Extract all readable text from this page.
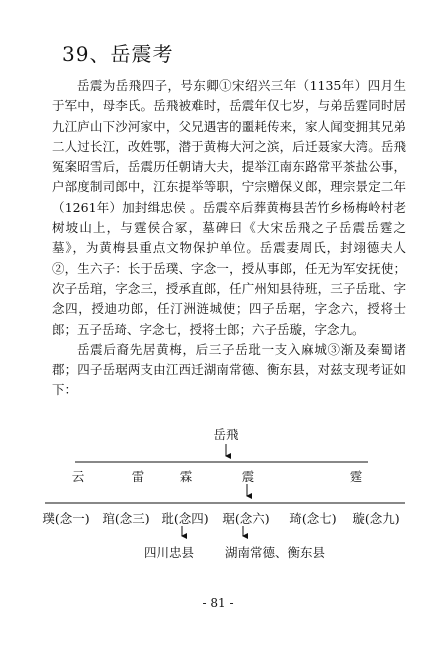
39、岳震考

岳震为岳飛四子，号东卿①宋绍兴三年（1135年）四月生于军中，母李氏。岳飛被难时，岳震年仅七岁，与弟岳霆同时居九江庐山下沙河家中，父兄遇害的噩耗传来，家人闻变拥其兄弟二人过长江，改姓鄂，潜于黄梅大河之滨，后迁聂家大湾。岳飛冤案昭雪后，岳震历任朝请大夫，提举江南东路常平茶盐公事，户部度制司郎中，江东提举等职，宁宗赠保义郎，理宗景定二年（1261年）加封缉忠侯 。岳震卒后葬黄梅县苦竹乡杨梅岭村老树坡山上，与霆侯合冢，墓碑曰《大宋岳飛之子岳震岳霆之墓》，为黄梅县重点文物保护单位。岳震妻周氏，封翊德夫人②，生六子：长于岳璞、字念一，授从事郎，任无为军安抚使；次子岳琯，字念三，授承直郎，任广州知县待班，三子岳玭、字念四，授迪功郎，任汀洲涟城使；四子岳琚，字念六，授将士郎；五子岳琦、字念七，授将士郎；六子岳璇，字念九。

岳震后裔先居黄梅，后三子岳玭一支入麻城③渐及秦蜀诸郡；四子岳琚两支由江西迁湖南常德、衡东县，对兹支现考证如下：

岳飛
云	雷	霖	震	霆
璞(念一) 琯(念三) 玭(念四) 琚(念六) 琦(念七) 璇(念九)
四川忠县 湖南常德、衡东县
- 81 -
